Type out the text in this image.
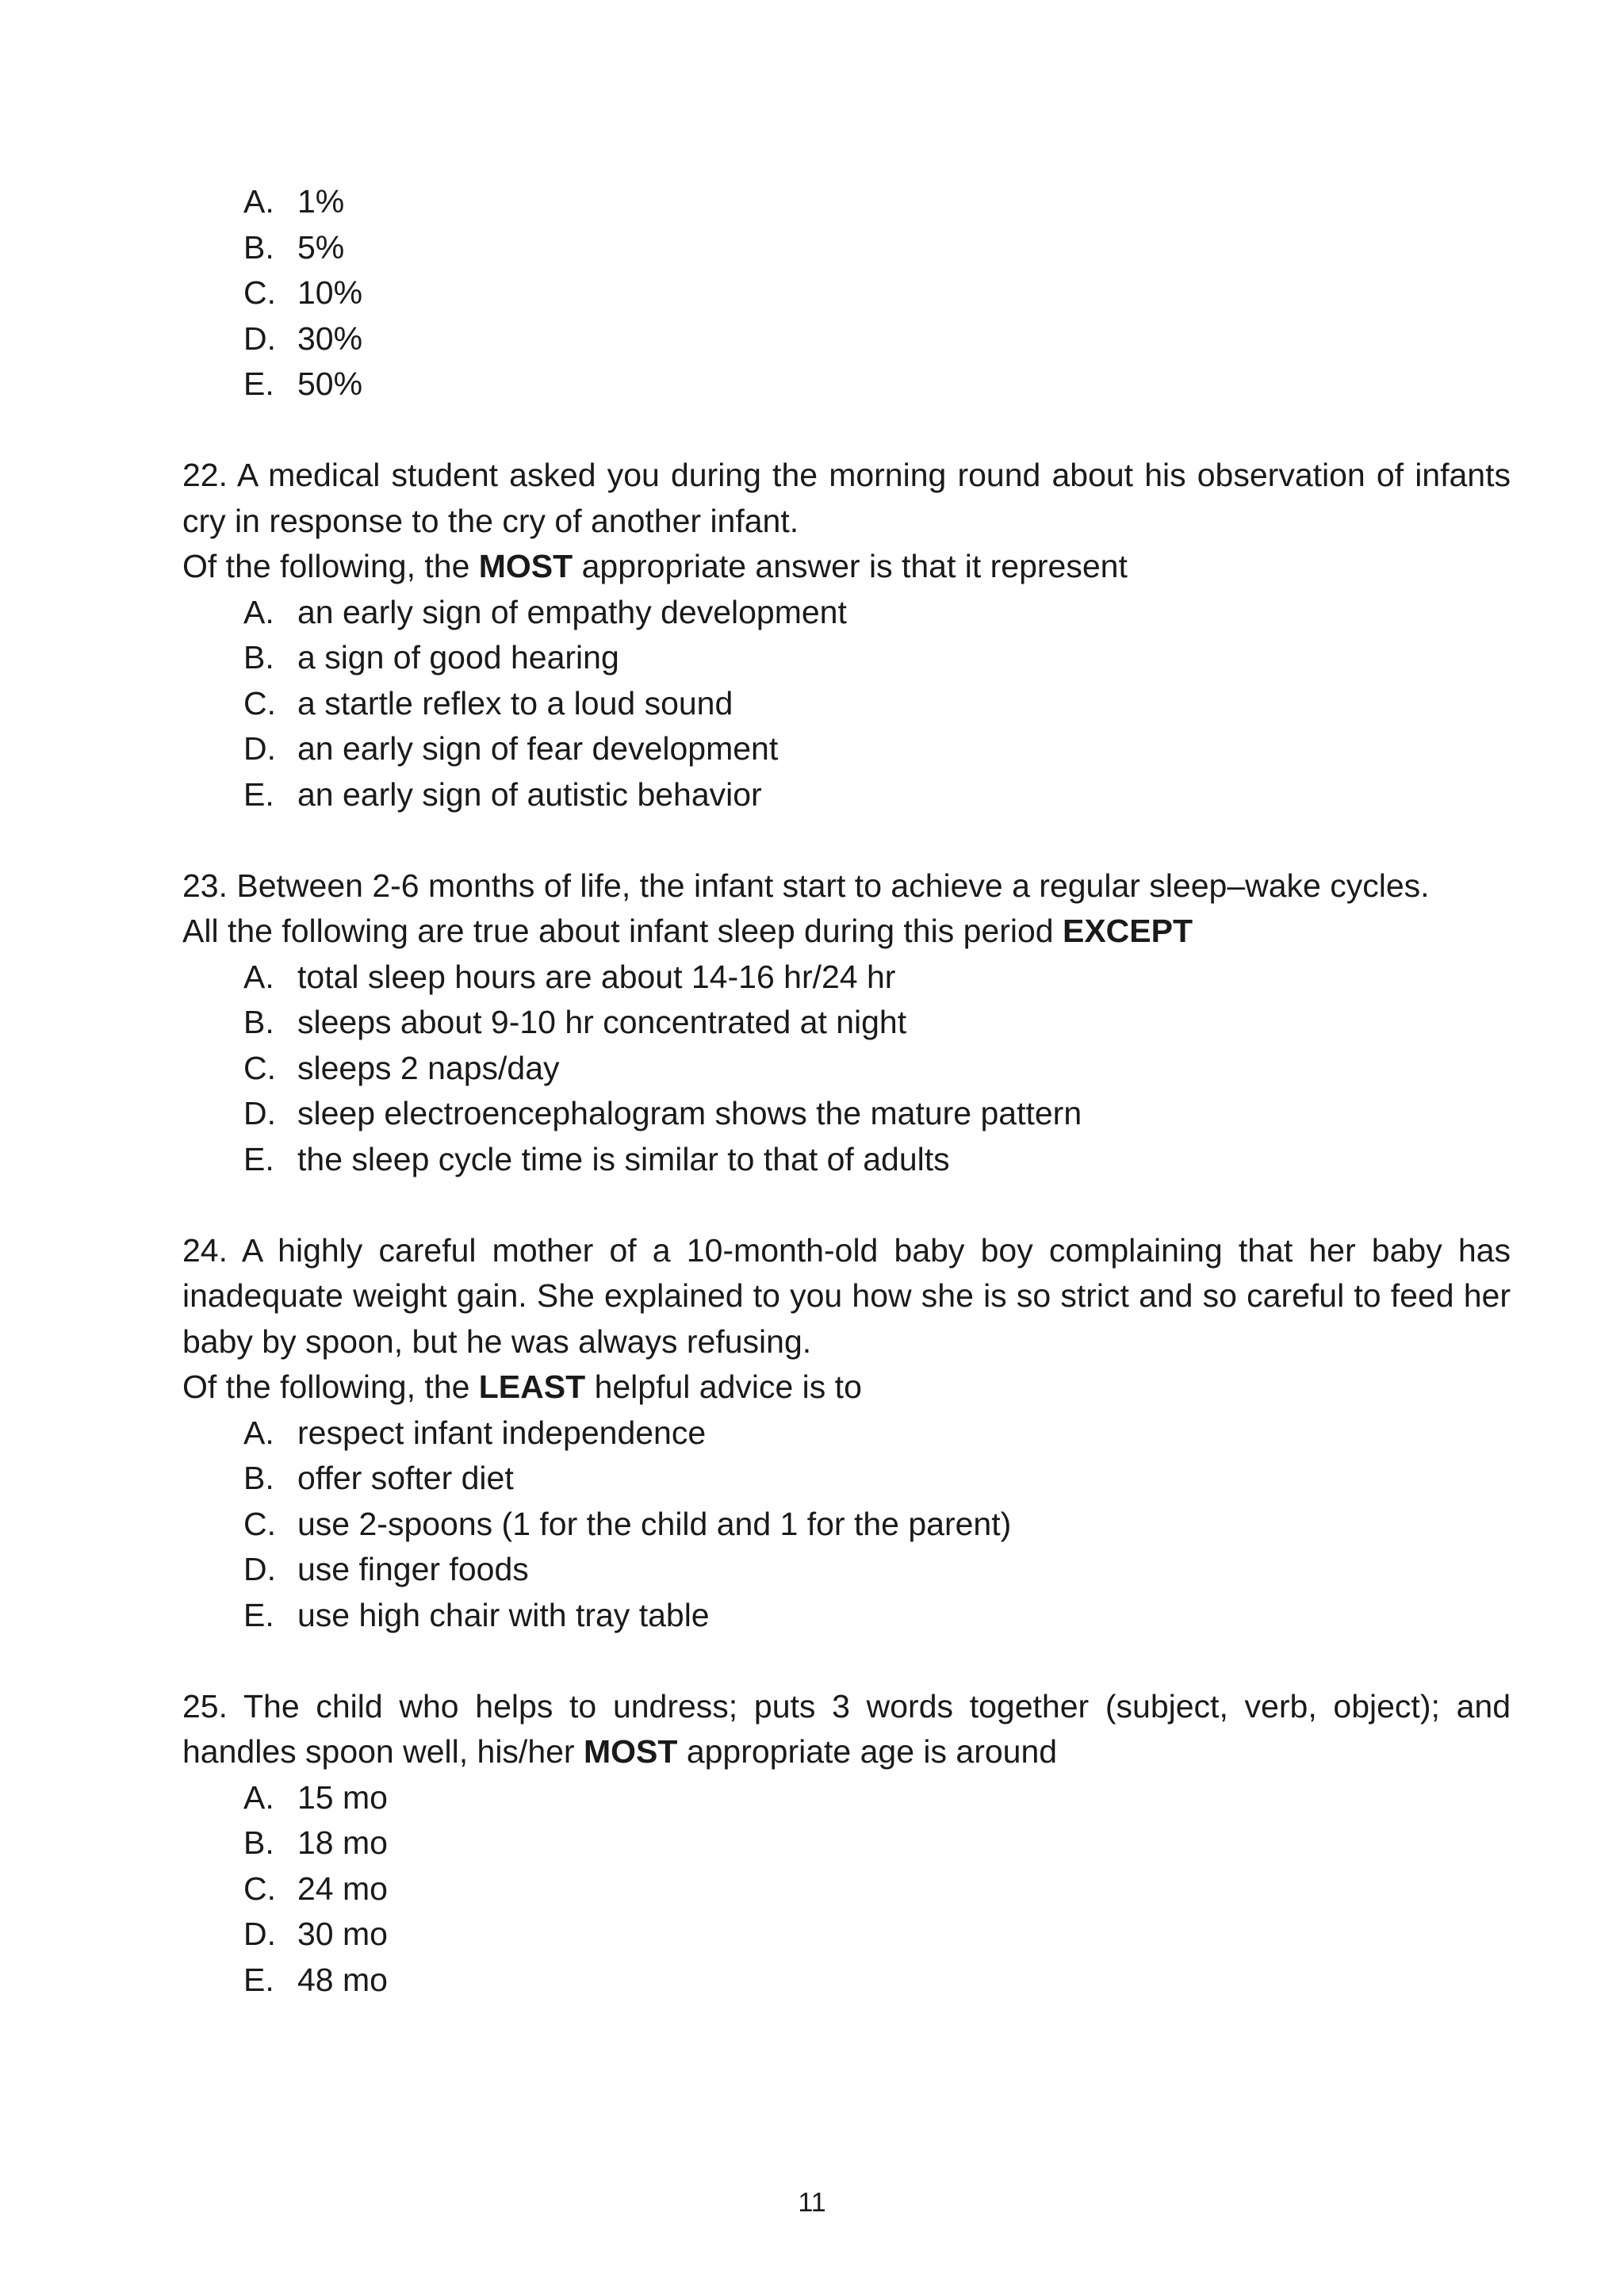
A. 1%
B. 5%
C. 10%
D. 30%
E. 50%

22. A medical student asked you during the morning round about his observation of infants cry in response to the cry of another infant.

Of the following, the MOST appropriate answer is that it represent

A. an early sign of empathy development
B. a sign of good hearing
C. a startle reflex to a loud sound
D. an early sign of fear development
E. an early sign of autistic behavior

23. Between 2-6 months of life, the infant start to achieve a regular sleep–wake cycles.

All the following are true about infant sleep during this period EXCEPT

A. total sleep hours are about 14-16 hr/24 hr
B. sleeps about 9-10 hr concentrated at night
C. sleeps 2 naps/day
D. sleep electroencephalogram shows the mature pattern
E. the sleep cycle time is similar to that of adults

24. A highly careful mother of a 10-month-old baby boy complaining that her baby has inadequate weight gain. She explained to you how she is so strict and so careful to feed her baby by spoon, but he was always refusing.

Of the following, the LEAST helpful advice is to

A. respect infant independence
B. offer softer diet
C. use 2-spoons (1 for the child and 1 for the parent)
D. use finger foods
E. use high chair with tray table

25. The child who helps to undress; puts 3 words together (subject, verb, object); and handles spoon well, his/her MOST appropriate age is around

A. 15 mo
B. 18 mo
C. 24 mo
D. 30 mo
E. 48 mo
11
